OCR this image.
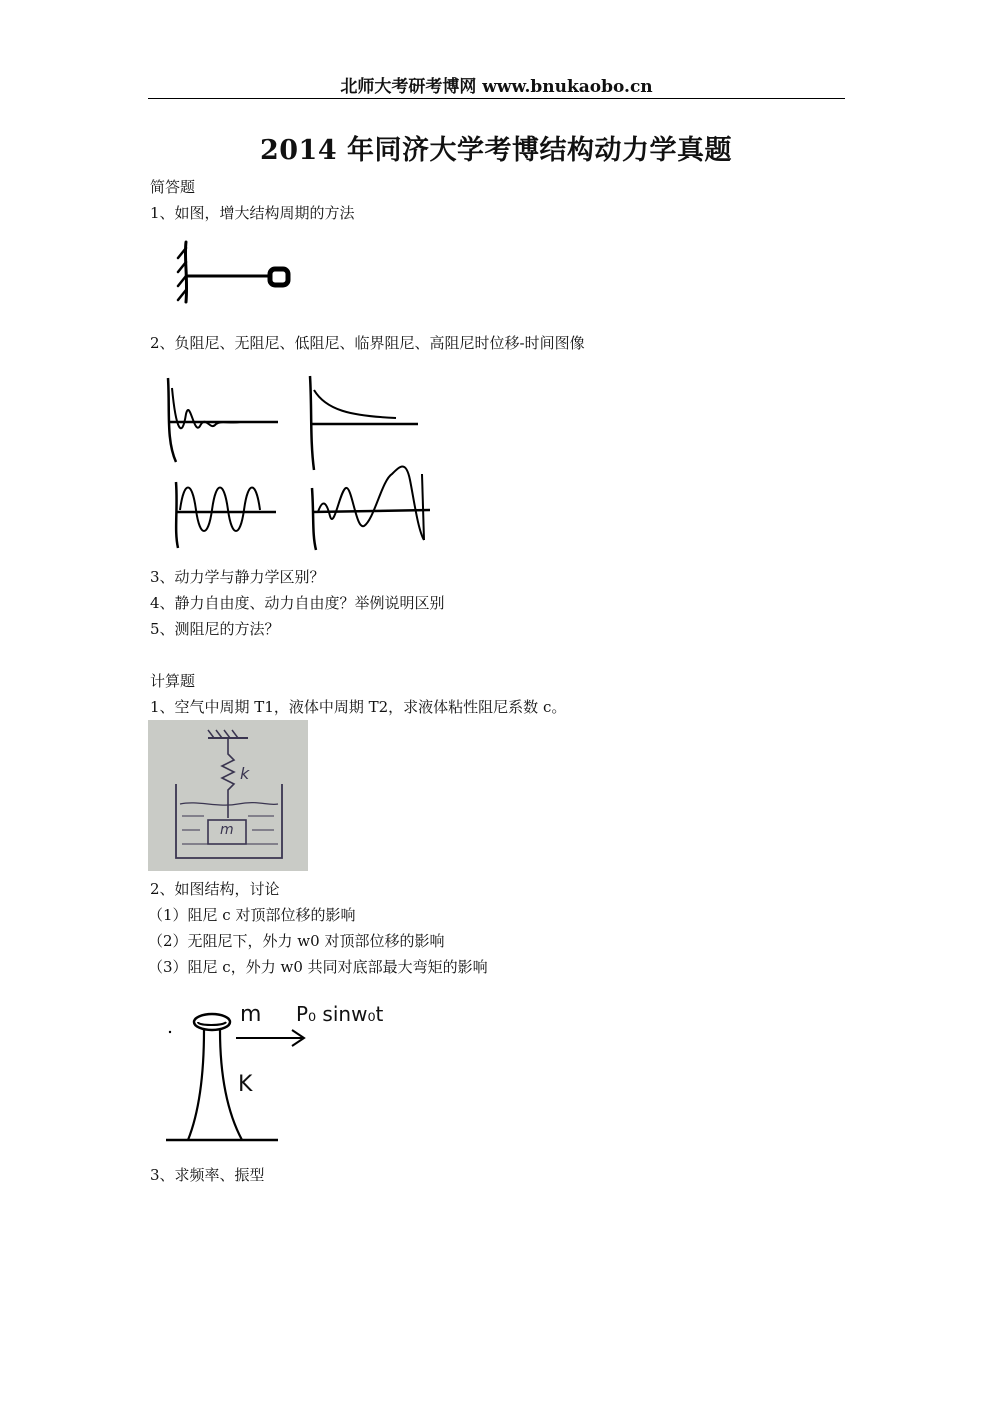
北师大考研考博网 www.bnukaobo.cn
2014 年同济大学考博结构动力学真题
简答题
1、如图，增大结构周期的方法
2、负阻尼、无阻尼、低阻尼、临界阻尼、高阻尼时位移-时间图像
3、动力学与静力学区别？
4、静力自由度、动力自由度？举例说明区别
5、测阻尼的方法？
计算题
1、空气中周期 T1，液体中周期 T2，求液体粘性阻尼系数 c。
k
m
2、如图结构，讨论
（1）阻尼 c 对顶部位移的影响
（2）无阻尼下，外力 w0 对顶部位移的影响
（3）阻尼 c，外力 w0 共同对底部最大弯矩的影响
m P₀ sinw₀t
K
3、求频率、振型
